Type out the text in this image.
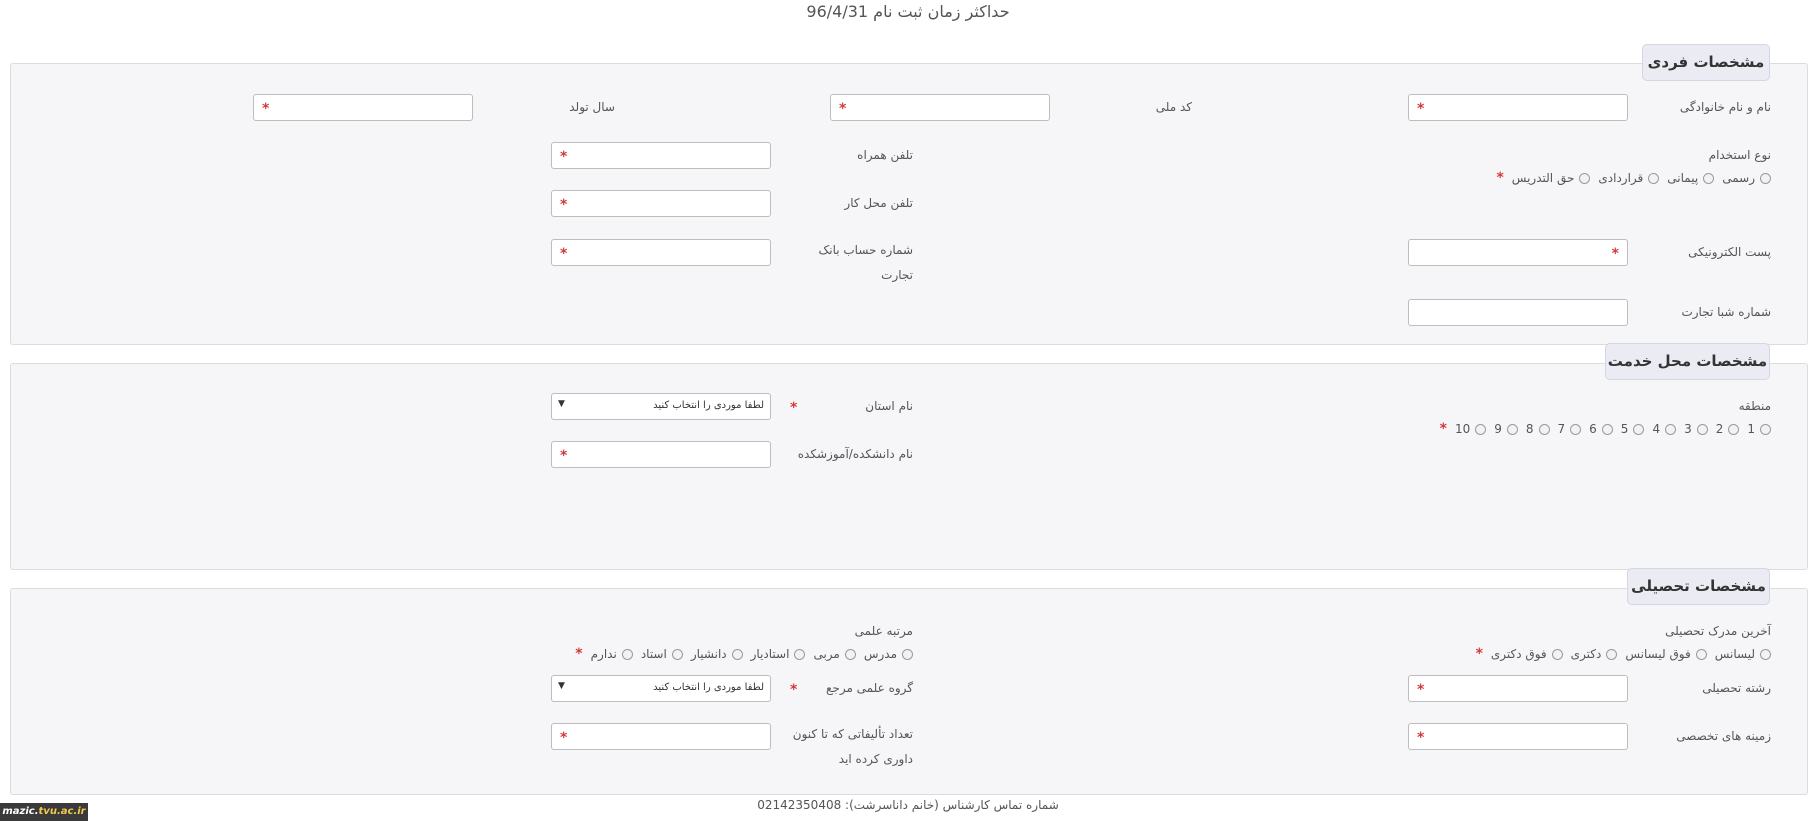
حداکثر زمان ثبت نام 96/4/31
مشخصات فردی
نام و نام خانوادگی
*
کد ملی
*
سال تولد
*
نوع استخدام
رسمی
پیمانی
قراردادی
حق التدریس
*
تلفن همراه
*
تلفن محل کار
*
پست الکترونیکی
*
شماره حساب بانک تجارت
*
شماره شبا تجارت
مشخصات محل خدمت
منطقه
1
2
3
4
5
6
7
8
9
10
*
نام استان
*
لطفا موردی را انتخاب کنید
▼
نام دانشکده/آموزشکده
*
مشخصات تحصیلی
آخرین مدرک تحصیلی
لیسانس
فوق لیسانس
دکتری
فوق دکتری
*
مرتبه علمی
مدرس
مربی
استادیار
دانشیار
استاد
ندارم
*
رشته تحصیلی
*
گروه علمی مرجع
*
لطفا موردی را انتخاب کنید
▼
زمینه های تخصصی
*
تعداد تألیفاتی که تا کنون داوری کرده اید
*
شماره تماس کارشناس (خانم داناسرشت): 02142350408
mazic.tvu.ac.ir
